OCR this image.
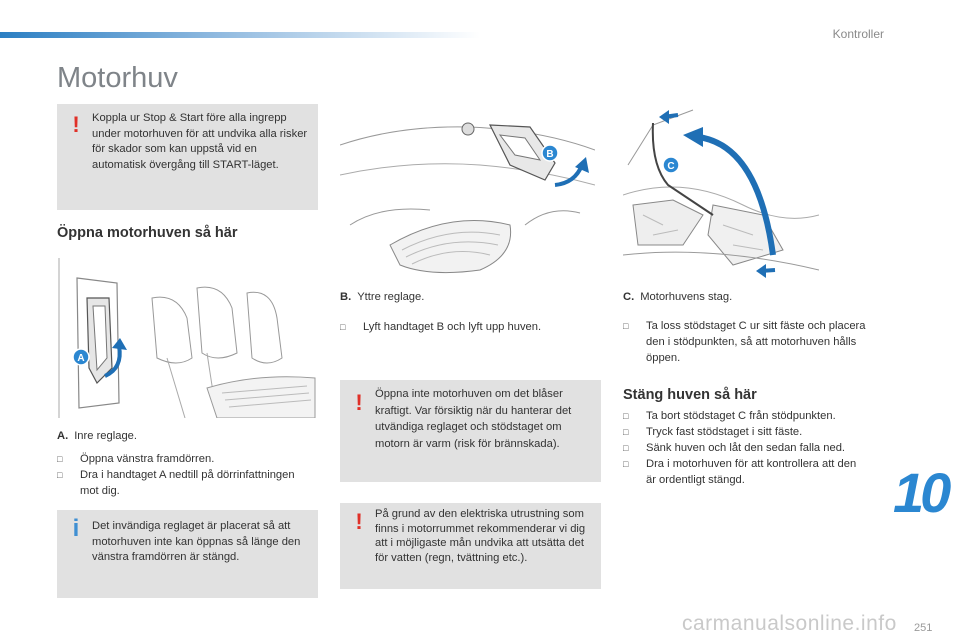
Kontroller
Motorhuv
! Koppla ur Stop & Start före alla ingrepp under motorhuven för att undvika alla risker för skador som kan uppstå vid en automatisk övergång till START-läget.
Öppna motorhuven så här
A
A. Inre reglage.
□ Öppna vänstra framdörren.
□ Dra i handtaget A nedtill på dörrinfattningen mot dig.
i	Det invändiga reglaget är placerat så att motorhuven inte kan öppnas så länge den vänstra framdörren är stängd.
B
B. Yttre reglage.
□ Lyft handtaget B och lyft upp huven.
! Öppna inte motorhuven om det blåser kraftigt. Var försiktig när du hanterar det utvändiga reglaget och stödstaget om motorn är varm (risk för brännskada).
! På grund av den elektriska utrustning som finns i motorrummet rekommenderar vi dig att i möjligaste mån undvika att utsätta det för vatten (regn, tvättning etc.).
C
C. Motorhuvens stag.
□ Ta loss stödstaget C ur sitt fäste och placera den i stödpunkten, så att motorhuven hålls öppen.
Stäng huven så här
□ Ta bort stödstaget C från stödpunkten.
□ Tryck fast stödstaget i sitt fäste.
□ Sänk huven och låt den sedan falla ned.
□ Dra i motorhuven för att kontrollera att den är ordentligt stängd.	10
carmanualsonline.info 251
